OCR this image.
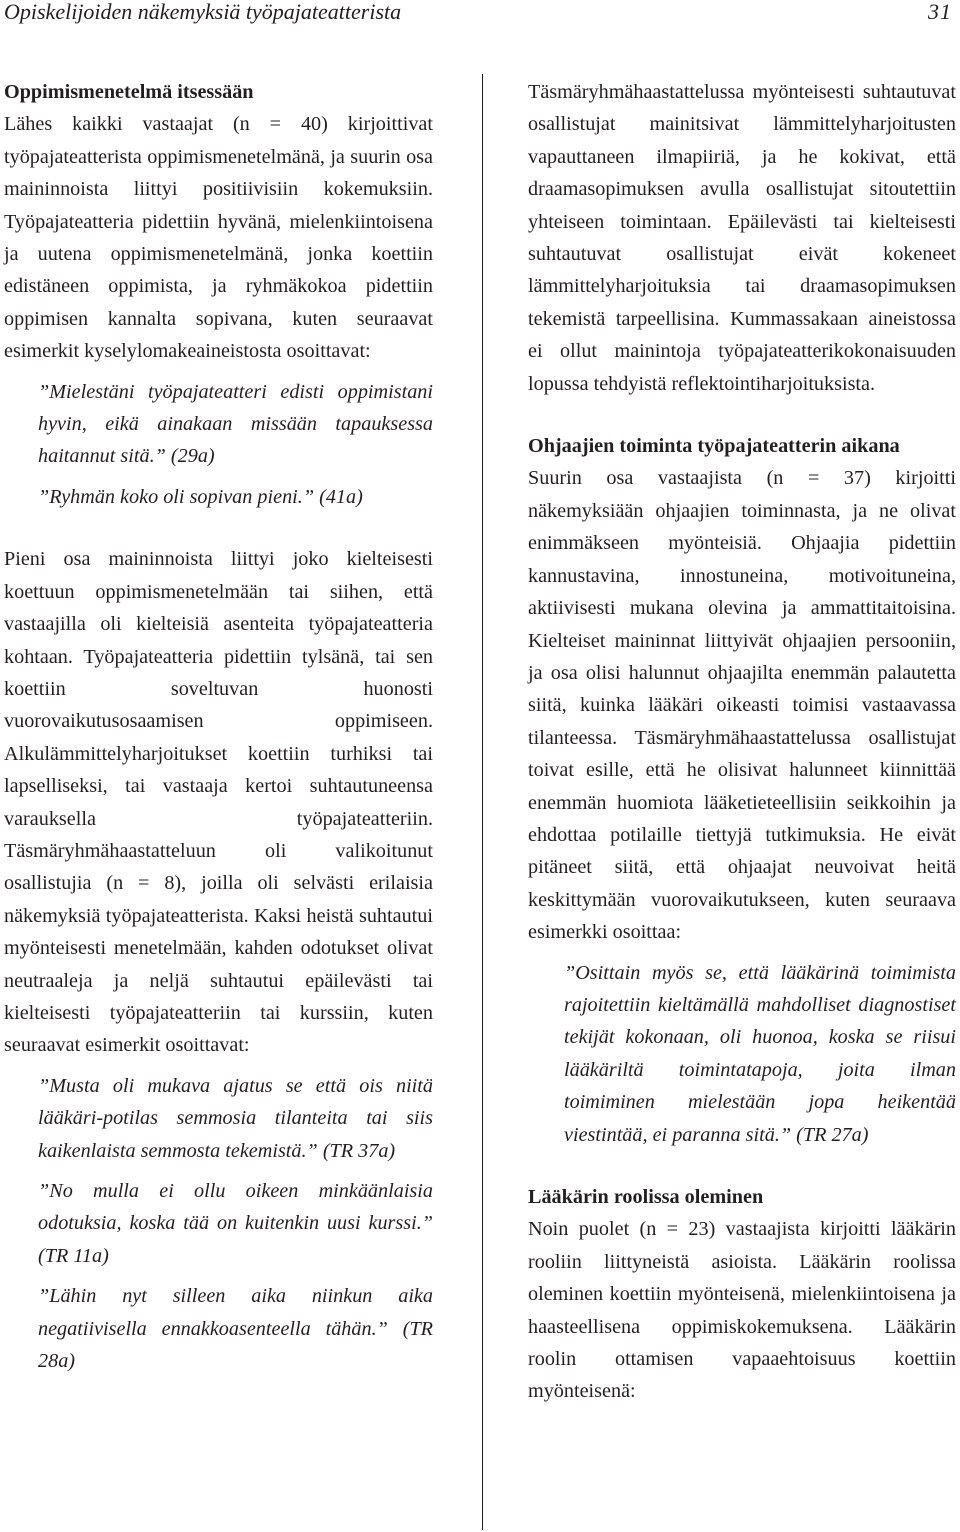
Opiskelijoiden näkemyksiä työpajateatterista	31
Oppimismenetelmä itsessään

Lähes kaikki vastaajat (n = 40) kirjoittivat työpajateatterista oppimismenetelmänä, ja suurin osa maininnoista liittyi positiivisiin kokemuksiin. Työpajateatteria pidettiin hyvänä, mielenkiintoisena ja uutena oppimismenetelmänä, jonka koettiin edistäneen oppimista, ja ryhmäkokoa pidettiin oppimisen kannalta sopivana, kuten seuraavat esimerkit kyselylomakeaineistosta osoittavat:

”Mielestäni työpajateatteri edisti oppimistani hyvin, eikä ainakaan missään tapauksessa haitannut sitä.” (29a)

”Ryhmän koko oli sopivan pieni.” (41a)

Pieni osa maininnoista liittyi joko kielteisesti koettuun oppimismenetelmään tai siihen, että vastaajilla oli kielteisiä asenteita työpajateatteria kohtaan. Työpajateatteria pidettiin tylsänä, tai sen koettiin soveltuvan huonosti vuorovaikutusosaamisen oppimiseen. Alkulämmittelyharjoitukset koettiin turhiksi tai lapselliseksi, tai vastaaja kertoi suhtautuneensa varauksella työpajateatteriin. Täsmäryhmähaastatteluun oli valikoitunut osallistujia (n = 8), joilla oli selvästi erilaisia näkemyksiä työpajateatterista. Kaksi heistä suhtautui myönteisesti menetelmään, kahden odotukset olivat neutraaleja ja neljä suhtautui epäilevästi tai kielteisesti työpajateatteriin tai kurssiin, kuten seuraavat esimerkit osoittavat:

”Musta oli mukava ajatus se että ois niitä lääkäri-potilas semmosia tilanteita tai siis kaikenlaista semmosta tekemistä.” (TR 37a)

”No mulla ei ollu oikeen minkäänlaisia odotuksia, koska tää on kuitenkin uusi kurssi.” (TR 11a)

”Lähin nyt silleen aika niinkun aika negatiivisella ennakkoasenteella tähän.” (TR 28a)

Täsmäryhmähaastattelussa myönteisesti suhtautuvat osallistujat mainitsivat lämmittelyharjoitusten vapauttaneen ilmapiiriä, ja he kokivat, että draamasopimuksen avulla osallistujat sitoutettiin yhteiseen toimintaan. Epäilevästi tai kielteisesti suhtautuvat osallistujat eivät kokeneet lämmittelyharjoituksia tai draamasopimuksen tekemistä tarpeellisina. Kummassakaan aineistossa ei ollut mainintoja työpajateatterikokonaisuuden lopussa tehdyistä reflektointiharjoituksista.

Ohjaajien toiminta työpajateatterin aikana

Suurin osa vastaajista (n = 37) kirjoitti näkemyksiään ohjaajien toiminnasta, ja ne olivat enimmäkseen myönteisiä. Ohjaajia pidettiin kannustavina, innostuneina, motivoituneina, aktiivisesti mukana olevina ja ammattitaitoisina. Kielteiset maininnat liittyivät ohjaajien persooniin, ja osa olisi halunnut ohjaajilta enemmän palautetta siitä, kuinka lääkäri oikeasti toimisi vastaavassa tilanteessa. Täsmäryhmähaastattelussa osallistujat toivat esille, että he olisivat halunneet kiinnittää enemmän huomiota lääketieteellisiin seikkoihin ja ehdottaa potilaille tiettyjä tutkimuksia. He eivät pitäneet siitä, että ohjaajat neuvoivat heitä keskittymään vuorovaikutukseen, kuten seuraava esimerkki osoittaa:

”Osittain myös se, että lääkärinä toimimista rajoitettiin kieltämällä mahdolliset diagnostiset tekijät kokonaan, oli huonoa, koska se riisui lääkäriltä toimintatapoja, joita ilman toimiminen mielestään jopa heikentää viestintää, ei paranna sitä.” (TR 27a)

Lääkärin roolissa oleminen

Noin puolet (n = 23) vastaajista kirjoitti lääkärin rooliin liittyneistä asioista. Lääkärin roolissa oleminen koettiin myönteisenä, mielenkiintoisena ja haasteellisena oppimiskokemuksena. Lääkärin roolin ottamisen vapaaehtoisuus koettiin myönteisenä:
